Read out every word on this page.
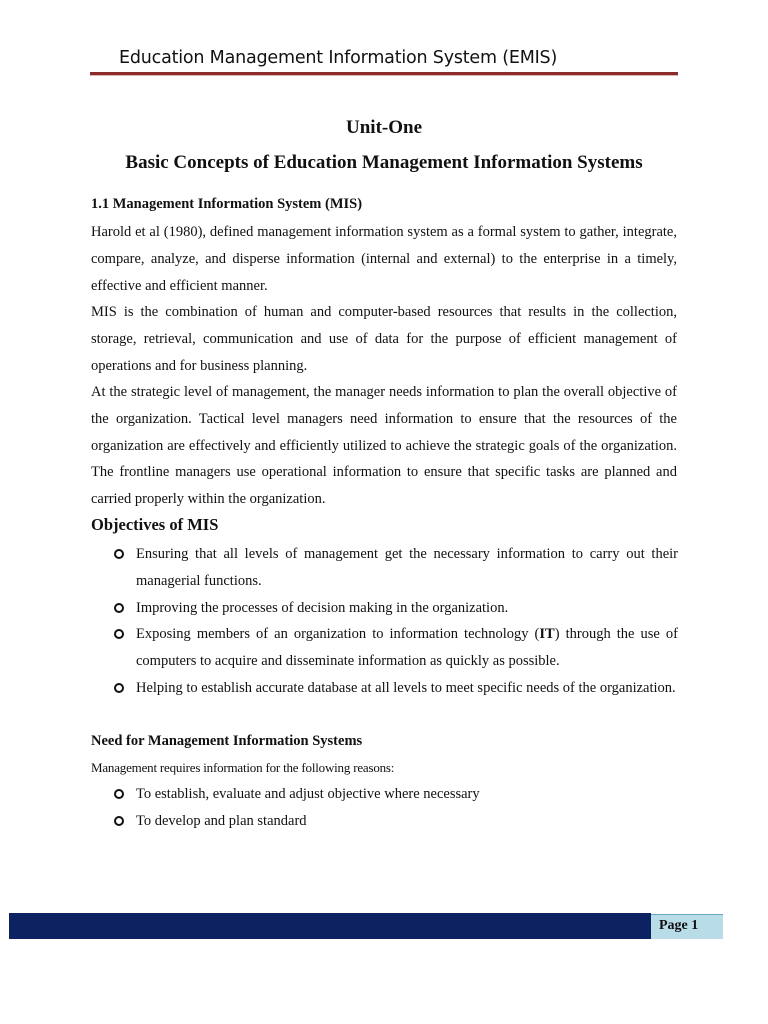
Education Management Information System (EMIS)
Unit-One
Basic Concepts of Education Management Information Systems
1.1 Management Information System (MIS)

Harold et al (1980), defined management information system as a formal system to gather, integrate, compare, analyze, and disperse information (internal and external) to the enterprise in a timely, effective and efficient manner.

MIS is the combination of human and computer-based resources that results in the collection, storage, retrieval, communication and use of data for the purpose of efficient management of operations and for business planning.

At the strategic level of management, the manager needs information to plan the overall objective of the organization. Tactical level managers need information to ensure that the resources of the organization are effectively and efficiently utilized to achieve the strategic goals of the organization. The frontline managers use operational information to ensure that specific tasks are planned and carried properly within the organization.

Objectives of MIS
Ensuring that all levels of management get the necessary information to carry out their managerial functions.
Improving the processes of decision making in the organization.
Exposing members of an organization to information technology (IT) through the use of computers to acquire and disseminate information as quickly as possible.
Helping to establish accurate database at all levels to meet specific needs of the organization.
Need for Management Information Systems
Management requires information for the following reasons:
To establish, evaluate and adjust objective where necessary
To develop and plan standard
Page 1
